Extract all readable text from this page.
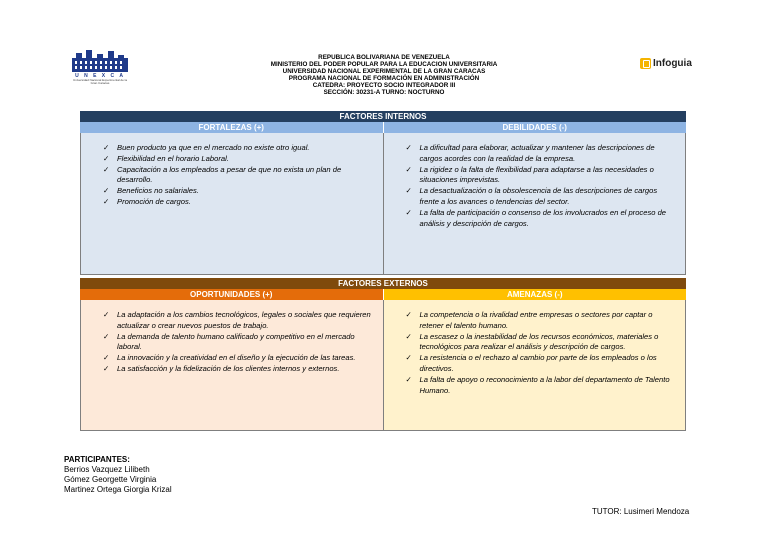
U N E X C A
Universidad Nacional Experimental de la Gran Caracas
Infoguia
REPUBLICA BOLIVARIANA DE VENEZUELA
MINISTERIO DEL PODER POPULAR PARA LA EDUCACION UNIVERSITARIA
UNIVERSIDAD NACIONAL EXPERIMENTAL DE LA GRAN CARACAS
PROGRAMA NACIONAL DE FORMACIÓN EN ADMINISTRACIÓN
CATEDRA: PROYECTO SOCIO INTEGRADOR III
SECCIÓN: 30231-A TURNO: NOCTURNO
FACTORES INTERNOS
FORTALEZAS (+)	DEBILIDADES (-)
✓ Buen producto ya que en el mercado no existe otro igual.
✓ Flexibilidad en el horario Laboral.
✓ Capacitación a los empleados a pesar de que no exista un plan de desarrollo.
✓ Beneficios no salariales.
✓ Promoción de cargos.
✓ La dificultad para elaborar, actualizar y mantener las descripciones de cargos acordes con la realidad de la empresa.
✓ La rigidez o la falta de flexibilidad para adaptarse a las necesidades o situaciones imprevistas.
✓ La desactualización o la obsolescencia de las descripciones de cargos frente a los avances o tendencias del sector.
✓ La falta de participación o consenso de los involucrados en el proceso de análisis y descripción de cargos.
FACTORES EXTERNOS
OPORTUNIDADES (+)	AMENAZAS (-)
✓ La adaptación a los cambios tecnológicos, legales o sociales que requieren actualizar o crear nuevos puestos de trabajo.
✓ La demanda de talento humano calificado y competitivo en el mercado laboral.
✓ La innovación y la creatividad en el diseño y la ejecución de las tareas.
✓ La satisfacción y la fidelización de los clientes internos y externos.
✓ La competencia o la rivalidad entre empresas o sectores por captar o retener el talento humano.
✓ La escasez o la inestabilidad de los recursos económicos, materiales o tecnológicos para realizar el análisis y descripción de cargos.
✓ La resistencia o el rechazo al cambio por parte de los empleados o los directivos.
✓ La falta de apoyo o reconocimiento a la labor del departamento de Talento Humano.
PARTICIPANTES:
Berrios Vazquez Lilibeth
Gómez Georgette Virginia
Martinez Ortega Giorgia Krizal
TUTOR: Lusimeri Mendoza
